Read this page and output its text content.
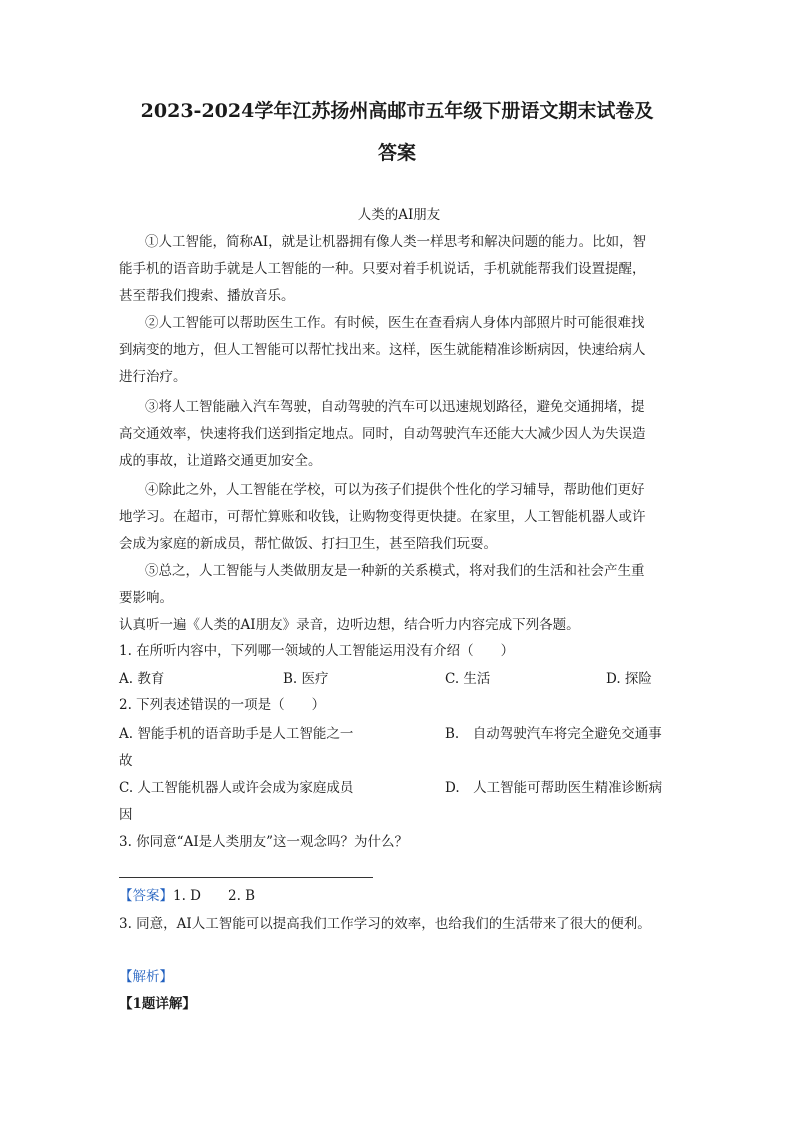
2023-2024学年江苏扬州高邮市五年级下册语文期末试卷及
答案
人类的AI朋友
①人工智能，简称AI，就是让机器拥有像人类一样思考和解决问题的能力。比如，智
能手机的语音助手就是人工智能的一种。只要对着手机说话，手机就能帮我们设置提醒，
甚至帮我们搜索、播放音乐。
②人工智能可以帮助医生工作。有时候，医生在查看病人身体内部照片时可能很难找
到病变的地方，但人工智能可以帮忙找出来。这样，医生就能精准诊断病因，快速给病人
进行治疗。
③将人工智能融入汽车驾驶，自动驾驶的汽车可以迅速规划路径，避免交通拥堵，提
高交通效率，快速将我们送到指定地点。同时，自动驾驶汽车还能大大减少因人为失误造
成的事故，让道路交通更加安全。
④除此之外，人工智能在学校，可以为孩子们提供个性化的学习辅导，帮助他们更好
地学习。在超市，可帮忙算账和收钱，让购物变得更快捷。在家里，人工智能机器人或许
会成为家庭的新成员，帮忙做饭、打扫卫生，甚至陪我们玩耍。
⑤总之，人工智能与人类做朋友是一种新的关系模式，将对我们的生活和社会产生重
要影响。
认真听一遍《人类的AI朋友》录音，边听边想，结合听力内容完成下列各题。
1. 在所听内容中，下列哪一领域的人工智能运用没有介绍（　　）
A. 教育	B. 医疗	C. 生活	D. 探险
2. 下列表述错误的一项是（　　）
A. 智能手机的语音助手是人工智能之一	B.　自动驾驶汽车将完全避免交通事
故
C. 人工智能机器人或许会成为家庭成员	D.　人工智能可帮助医生精准诊断病
因
3. 你同意“AI是人类朋友”这一观念吗？为什么？
【答案】1. D　　2. B
3. 同意，AI人工智能可以提高我们工作学习的效率，也给我们的生活带来了很大的便利。
【解析】
【1题详解】
